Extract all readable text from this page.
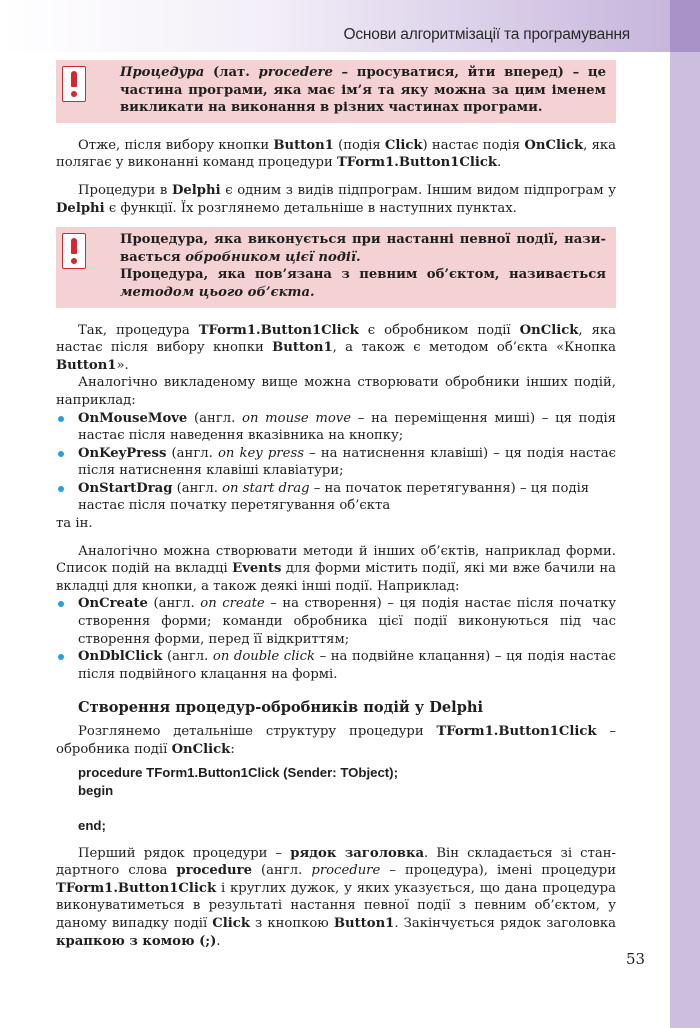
Основи алгоритмізації та програмування

Процедура (лат. procedere – просуватися, йти вперед) – це частина програми, яка має ім’я та яку можна за цим іменем викликати на виконання в різних частинах програми.

Отже, після вибору кнопки Button1 (подія Click) настає подія OnClick, яка полягає у виконанні команд процедури TForm1.Button1Click.

Процедури в Delphi є одним з видів підпрограм. Іншим видом підпрограм у Delphi є функції. Їх розглянемо детальніше в наступних пунктах.

Процедура, яка виконується при настанні певної події, називається обробником цієї події.

Процедура, яка пов’язана з певним об’єктом, називається методом цього об’єкта.

Так, процедура TForm1.Button1Click є обробником події OnClick, яка настає після вибору кнопки Button1, а також є методом об’єкта «Кнопка Button1».

Аналогічно викладеному вище можна створювати обробники інших подій, наприклад:

OnMouseMove (англ. on mouse move – на переміщення миші) – ця подія настає після наведення вказівника на кнопку;
OnKeyPress (англ. on key press – на натиснення клавіші) – ця подія настає після натиснення клавіші клавіатури;
OnStartDrag (англ. on start drag – на початок перетягування) – ця подія настає після початку перетягування об’єкта
та ін.

Аналогічно можна створювати методи й інших об’єктів, наприклад форми. Список подій на вкладці Events для форми містить події, які ми вже бачили на вкладці для кнопки, а також деякі інші події. Наприклад:

OnCreate (англ. on create – на створення) – ця подія настає після початку створення форми; команди обробника цієї події виконуються під час створення форми, перед її відкриттям;
OnDblClick (англ. on double click – на подвійне клацання) – ця подія настає після подвійного клацання на формі.
Створення процедур-обробників подій у Delphi

Розглянемо детальніше структуру процедури TForm1.Button1Click – обробника події OnClick:

procedure TForm1.Button1Click (Sender: TObject);
begin
end;

Перший рядок процедури – рядок заголовка. Він складається зі стандартного слова procedure (англ. procedure – процедура), імені процедури TForm1.Button1Click і круглих дужок, у яких указується, що дана процедура виконуватиметься в результаті настання певної події з певним об’єктом, у даному випадку події Click з кнопкою Button1. Закінчується рядок заголовка крапкою з комою (;).

53
